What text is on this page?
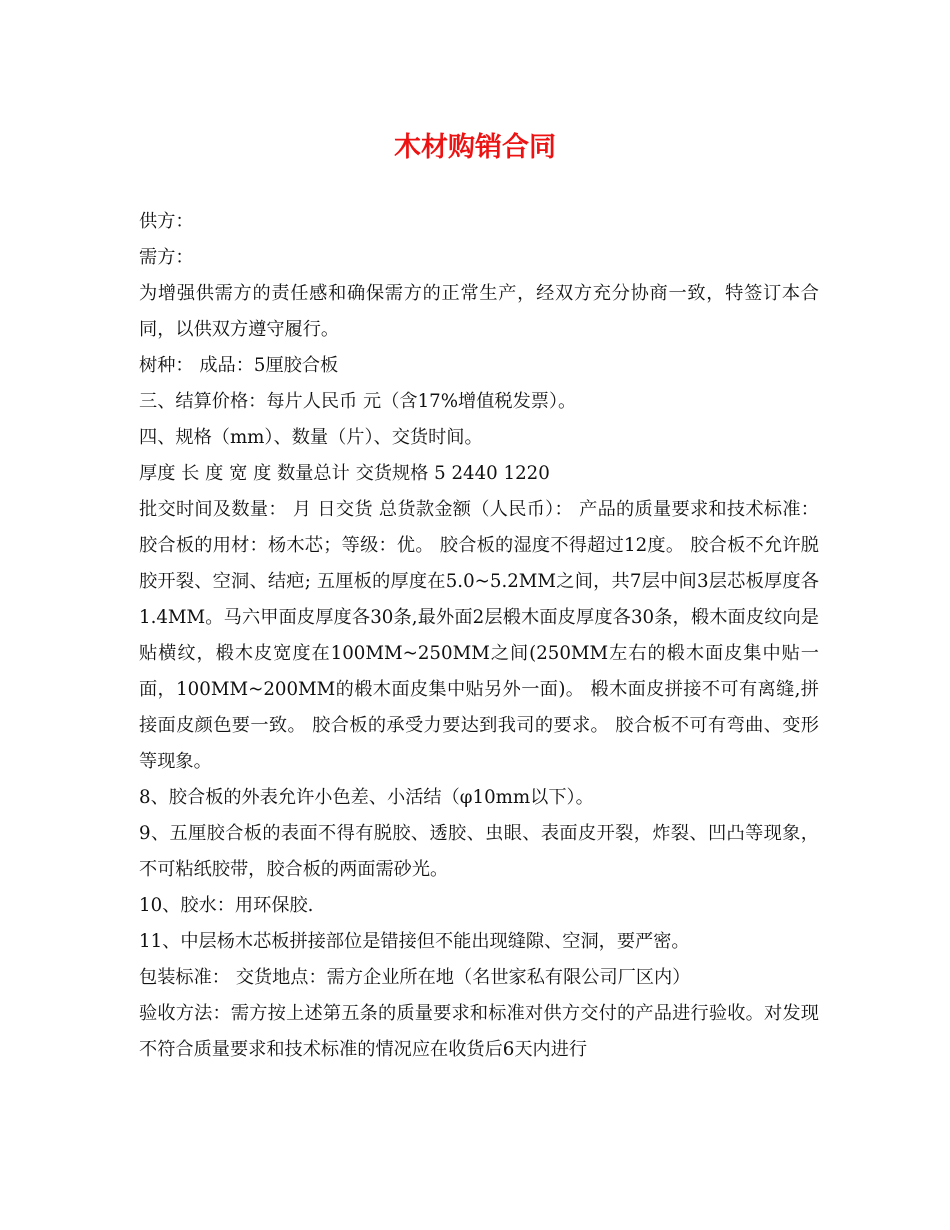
木材购销合同

供方：

需方：

为增强供需方的责任感和确保需方的正常生产，经双方充分协商一致，特签订本合同，以供双方遵守履行。

树种： 成品：5厘胶合板

三、结算价格：每片人民币 元（含17%增值税发票）。

四、规格（mm）、数量（片）、交货时间。

厚度 长 度 宽 度 数量总计 交货规格 5 2440 1220

批交时间及数量： 月 日交货 总货款金额（人民币）： 产品的质量要求和技术标准： 胶合板的用材：杨木芯；等级：优。 胶合板的湿度不得超过12度。 胶合板不允许脱胶开裂、空洞、结疤; 五厘板的厚度在5.0~5.2MM之间，共7层中间3层芯板厚度各1.4MM。马六甲面皮厚度各30条,最外面2层椴木面皮厚度各30条，椴木面皮纹向是贴横纹，椴木皮宽度在100MM~250MM之间(250MM左右的椴木面皮集中贴一面，100MM~200MM的椴木面皮集中贴另外一面)。 椴木面皮拼接不可有离缝,拼接面皮颜色要一致。 胶合板的承受力要达到我司的要求。 胶合板不可有弯曲、变形等现象。

8、胶合板的外表允许小色差、小活结（φ10mm以下）。

9、五厘胶合板的表面不得有脱胶、透胶、虫眼、表面皮开裂，炸裂、凹凸等现象，不可粘纸胶带，胶合板的两面需砂光。

10、胶水：用环保胶.

11、中层杨木芯板拼接部位是错接但不能出现缝隙、空洞，要严密。

包装标准： 交货地点：需方企业所在地（名世家私有限公司厂区内）

验收方法：需方按上述第五条的质量要求和标准对供方交付的产品进行验收。对发现不符合质量要求和技术标准的情况应在收货后6天内进行
